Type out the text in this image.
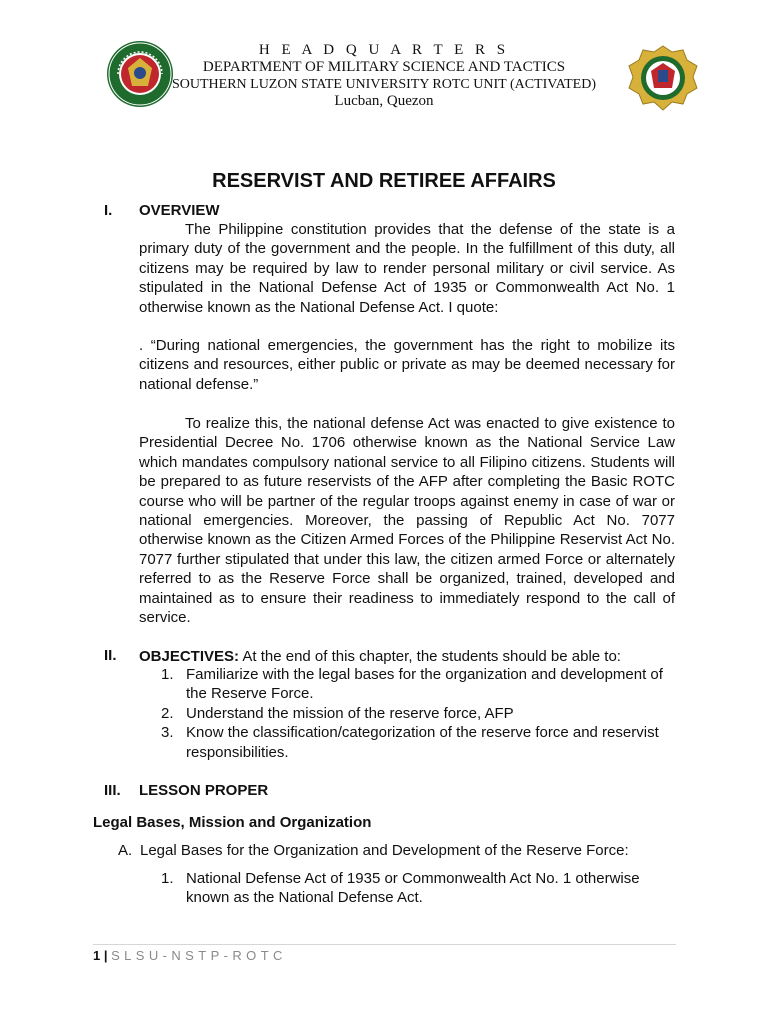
H E A D Q U A R T E R S
DEPARTMENT OF MILITARY SCIENCE AND TACTICS
SOUTHERN LUZON STATE UNIVERSITY ROTC UNIT (ACTIVATED)
Lucban, Quezon
RESERVIST AND RETIREE AFFAIRS
I. OVERVIEW
The Philippine constitution provides that the defense of the state is a primary duty of the government and the people. In the fulfillment of this duty, all citizens may be required by law to render personal military or civil service. As stipulated in the National Defense Act of 1935 or Commonwealth Act No. 1 otherwise known as the National Defense Act. I quote:
. “During national emergencies, the government has the right to mobilize its citizens and resources, either public or private as may be deemed necessary for national defense.”
To realize this, the national defense Act was enacted to give existence to Presidential Decree No. 1706 otherwise known as the National Service Law which mandates compulsory national service to all Filipino citizens. Students will be prepared to as future reservists of the AFP after completing the Basic ROTC course who will be partner of the regular troops against enemy in case of war or national emergencies. Moreover, the passing of Republic Act No. 7077 otherwise known as the Citizen Armed Forces of the Philippine Reservist Act No. 7077 further stipulated that under this law, the citizen armed Force or alternately referred to as the Reserve Force shall be organized, trained, developed and maintained as to ensure their readiness to immediately respond to the call of service.
II. OBJECTIVES: At the end of this chapter, the students should be able to:
1. Familiarize with the legal bases for the organization and development of the Reserve Force.
2. Understand the mission of the reserve force, AFP
3. Know the classification/categorization of the reserve force and reservist responsibilities.
III. LESSON PROPER
Legal Bases, Mission and Organization
A. Legal Bases for the Organization and Development of the Reserve Force:
1. National Defense Act of 1935 or Commonwealth Act No. 1 otherwise known as the National Defense Act.
1 | SLSU-NSTP-ROTC
